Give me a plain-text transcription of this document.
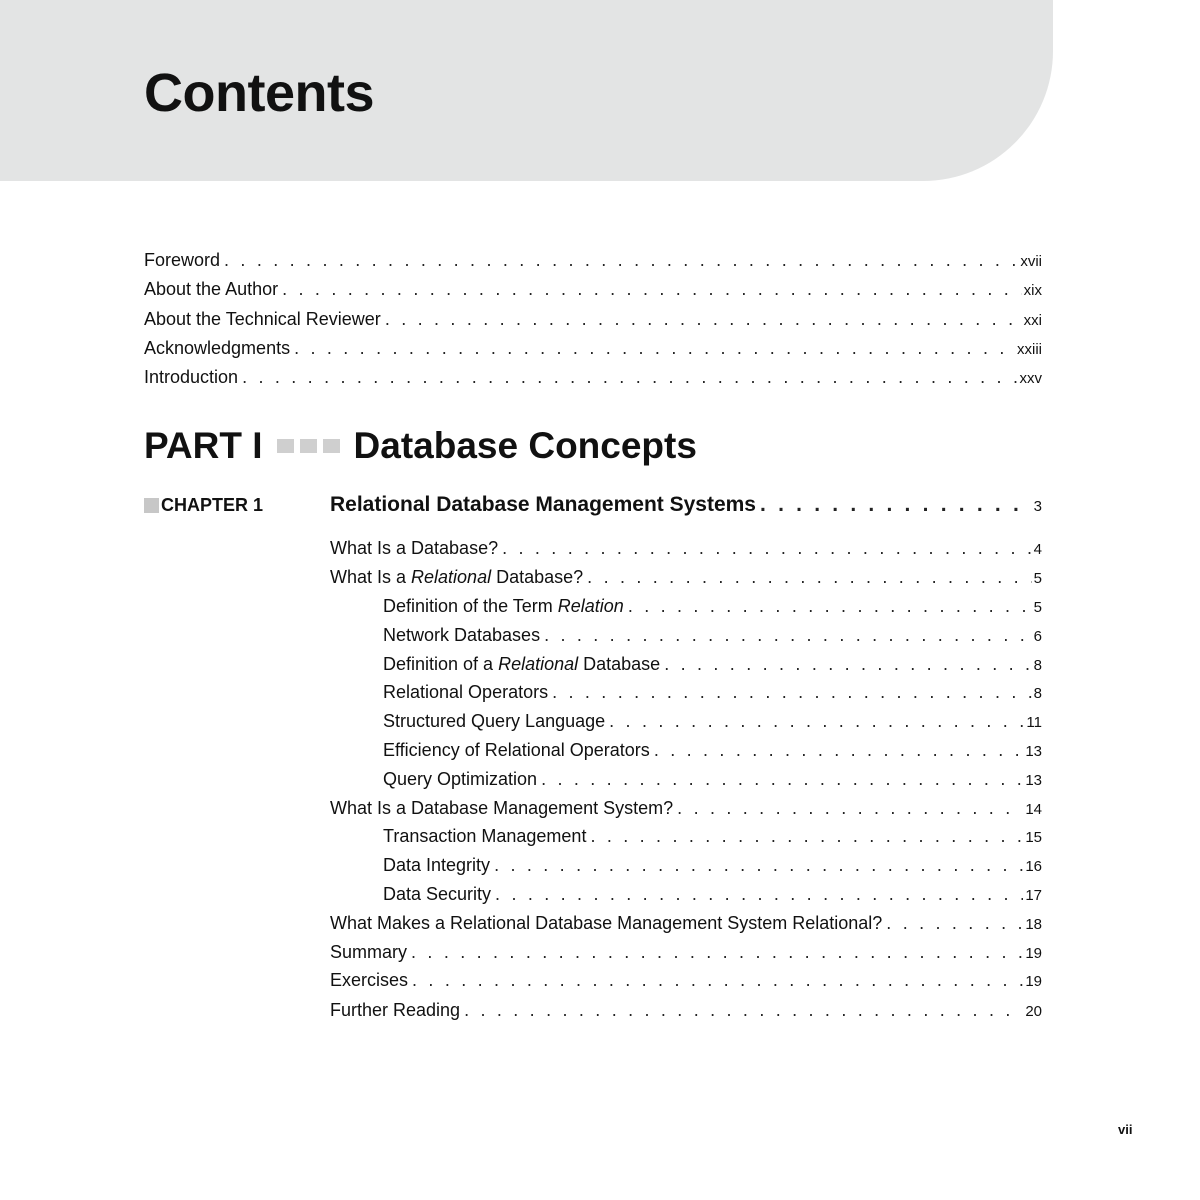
Contents
Foreword . . .	xvii
About the Author . . .	xix
About the Technical Reviewer . . .	xxi
Acknowledgments . . .	xxiii
Introduction . . .	xxv
PART I Database Concepts
CHAPTER 1	Relational Database Management Systems . . .	3
What Is a Database? . . .	4
What Is a Relational Database? . . .	5
Definition of the Term Relation . . .	5
Network Databases . . .	6
Definition of a Relational Database . . .	8
Relational Operators . . .	8
Structured Query Language . . .	11
Efficiency of Relational Operators . . .	13
Query Optimization . . .	13
What Is a Database Management System? . . .	14
Transaction Management . . .	15
Data Integrity . . .	16
Data Security . . .	17
What Makes a Relational Database Management System Relational? . . .	18
Summary . . .	19
Exercises . . .	19
Further Reading . . .	20
vii
